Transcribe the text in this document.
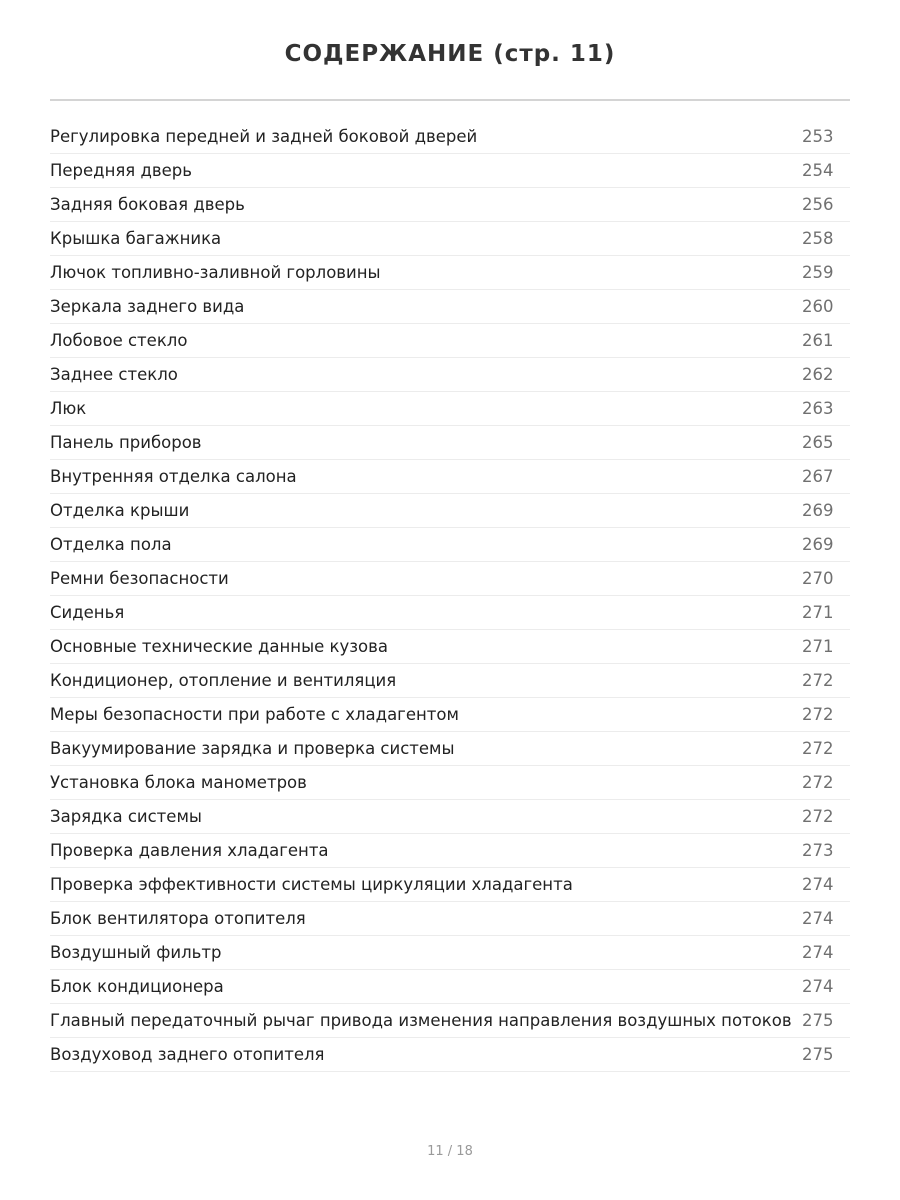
СОДЕРЖАНИЕ (стр. 11)
Регулировка передней и задней боковой дверей	253
Передняя дверь	254
Задняя боковая дверь	256
Крышка багажника	258
Лючок топливно-заливной горловины	259
Зеркала заднего вида	260
Лобовое стекло	261
Заднее стекло	262
Люк	263
Панель приборов	265
Внутренняя отделка салона	267
Отделка крыши	269
Отделка пола	269
Ремни безопасности	270
Сиденья	271
Основные технические данные кузова	271
Кондиционер, отопление и вентиляция	272
Меры безопасности при работе с хладагентом	272
Вакуумирование зарядка и проверка системы	272
Установка блока манометров	272
Зарядка системы	272
Проверка давления хладагента	273
Проверка эффективности системы циркуляции хладагента	274
Блок вентилятора отопителя	274
Воздушный фильтр	274
Блок кондиционера	274
Главный передаточный рычаг привода изменения направления воздушных потоков 275
Воздуховод заднего отопителя	275
11 / 18
